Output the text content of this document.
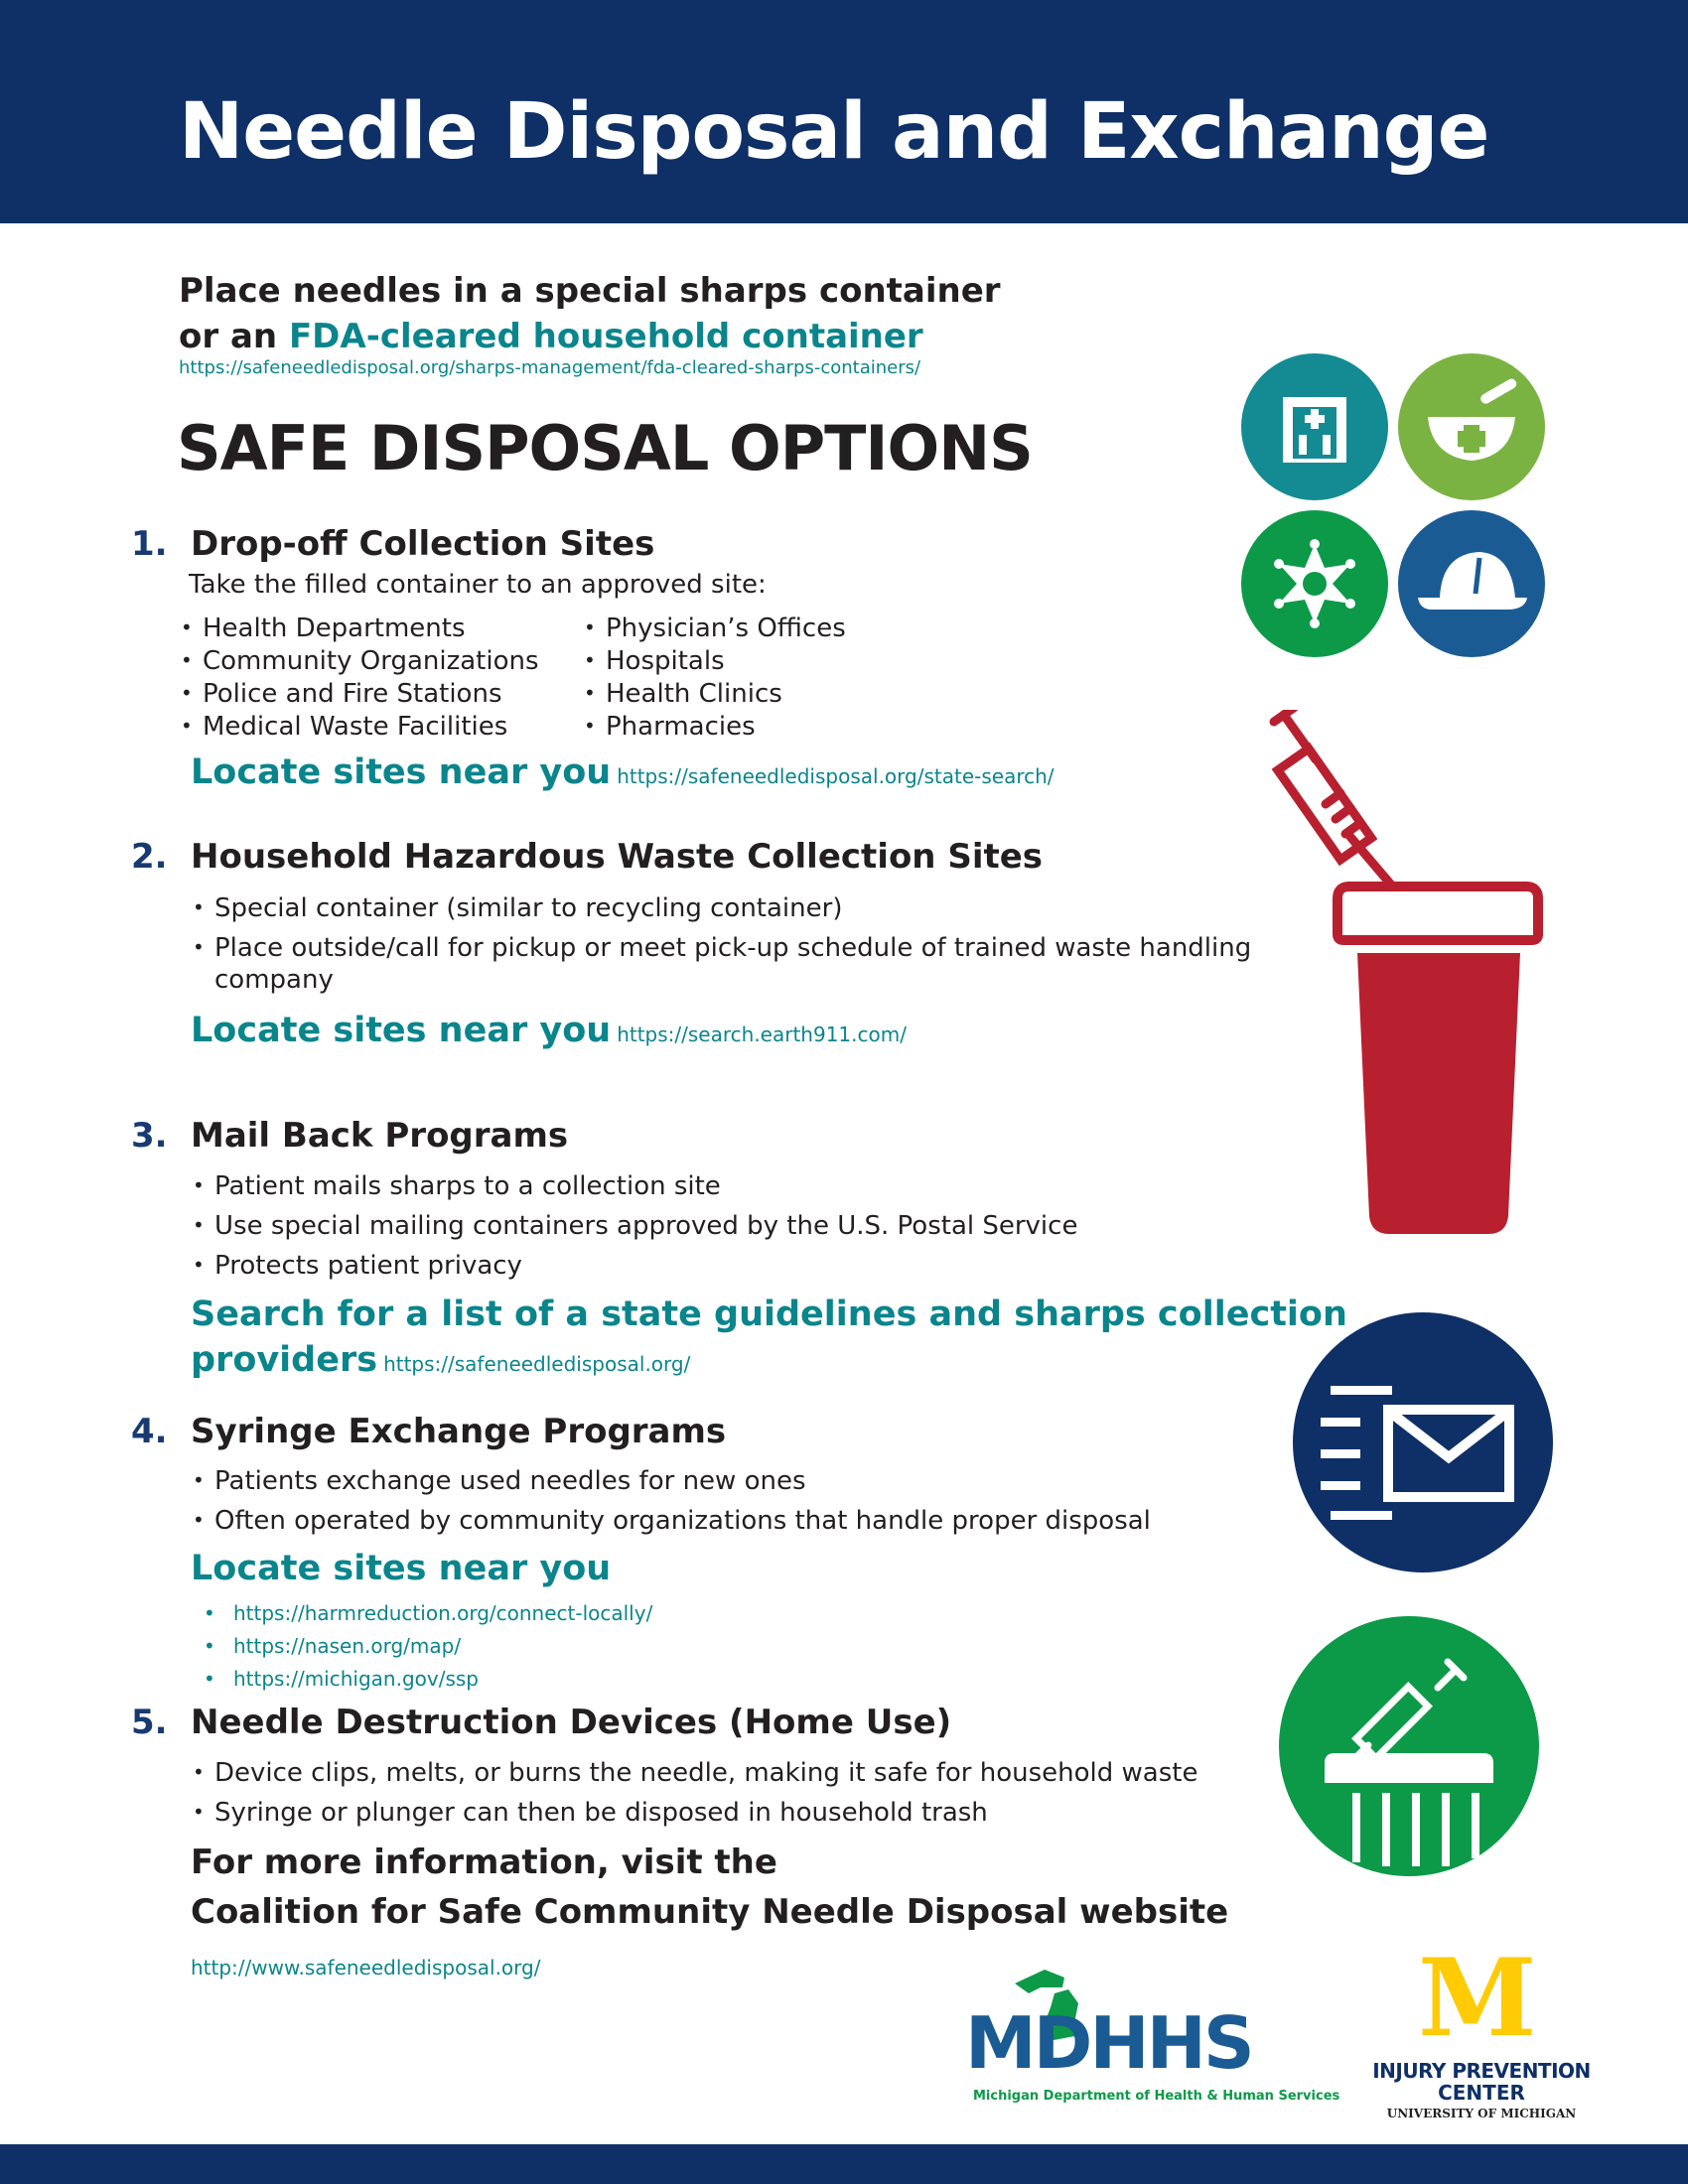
Needle Disposal and Exchange
Place needles in a special sharps container
or an FDA-cleared household container
https://safeneedledisposal.org/sharps-management/fda-cleared-sharps-containers/
SAFE DISPOSAL OPTIONS
1. Drop-off Collection Sites
Take the filled container to an approved site:
• Health Departments
• Community Organizations
• Police and Fire Stations
• Medical Waste Facilities
• Physician’s Offices
• Hospitals
• Health Clinics
• Pharmacies
Locate sites near you https://safeneedledisposal.org/state-search/
2. Household Hazardous Waste Collection Sites
• Special container (similar to recycling container)
• Place outside/call for pickup or meet pick-up schedule of trained waste handling
company
Locate sites near you https://search.earth911.com/
3. Mail Back Programs
• Patient mails sharps to a collection site
• Use special mailing containers approved by the U.S. Postal Service
• Protects patient privacy
Search for a list of a state guidelines and sharps collection
providers https://safeneedledisposal.org/
4. Syringe Exchange Programs
• Patients exchange used needles for new ones
• Often operated by community organizations that handle proper disposal
Locate sites near you
• https://harmreduction.org/connect-locally/
• https://nasen.org/map/
• https://michigan.gov/ssp
5. Needle Destruction Devices (Home Use)
• Device clips, melts, or burns the needle, making it safe for household waste
• Syringe or plunger can then be disposed in household trash
For more information, visit the
Coalition for Safe Community Needle Disposal website
http://www.safeneedledisposal.org/
MDHHS
Michigan Department of Health & Human Services
M
INJURY PREVENTION
CENTER
UNIVERSITY OF MICHIGAN
